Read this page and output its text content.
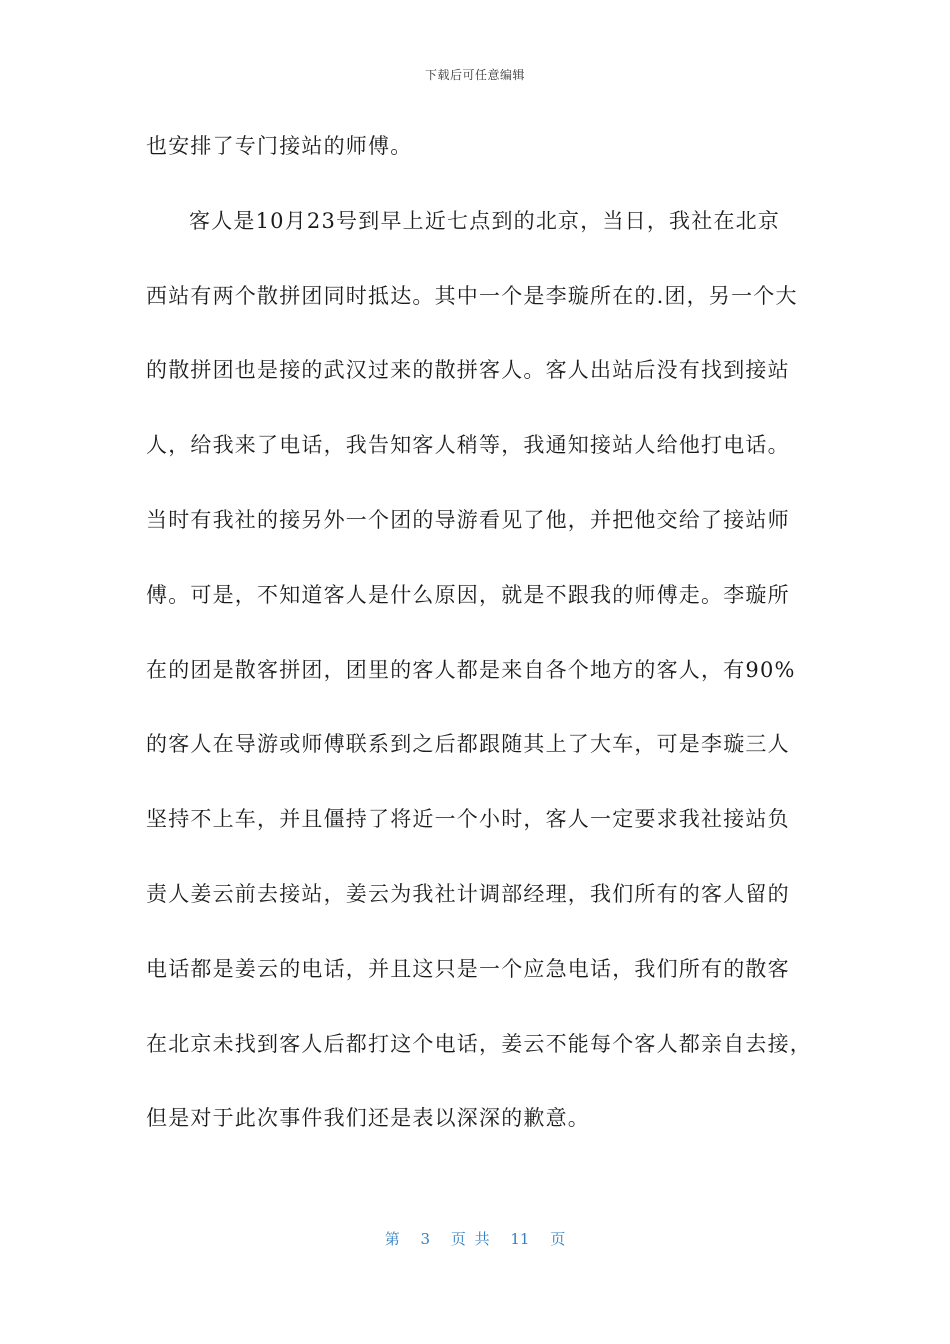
下载后可任意编辑
也安排了专门接站的师傅。
客人是10月23号到早上近七点到的北京，当日，我社在北京
西站有两个散拼团同时抵达。其中一个是李璇所在的.团，另一个大
的散拼团也是接的武汉过来的散拼客人。客人出站后没有找到接站
人，给我来了电话，我告知客人稍等，我通知接站人给他打电话。
当时有我社的接另外一个团的导游看见了他，并把他交给了接站师
傅。可是，不知道客人是什么原因，就是不跟我的师傅走。李璇所
在的团是散客拼团，团里的客人都是来自各个地方的客人，有90%
的客人在导游或师傅联系到之后都跟随其上了大车，可是李璇三人
坚持不上车，并且僵持了将近一个小时，客人一定要求我社接站负
责人姜云前去接站，姜云为我社计调部经理，我们所有的客人留的
电话都是姜云的电话，并且这只是一个应急电话，我们所有的散客
在北京未找到客人后都打这个电话，姜云不能每个客人都亲自去接，
但是对于此次事件我们还是表以深深的歉意。
第 3 页 共 11 页
